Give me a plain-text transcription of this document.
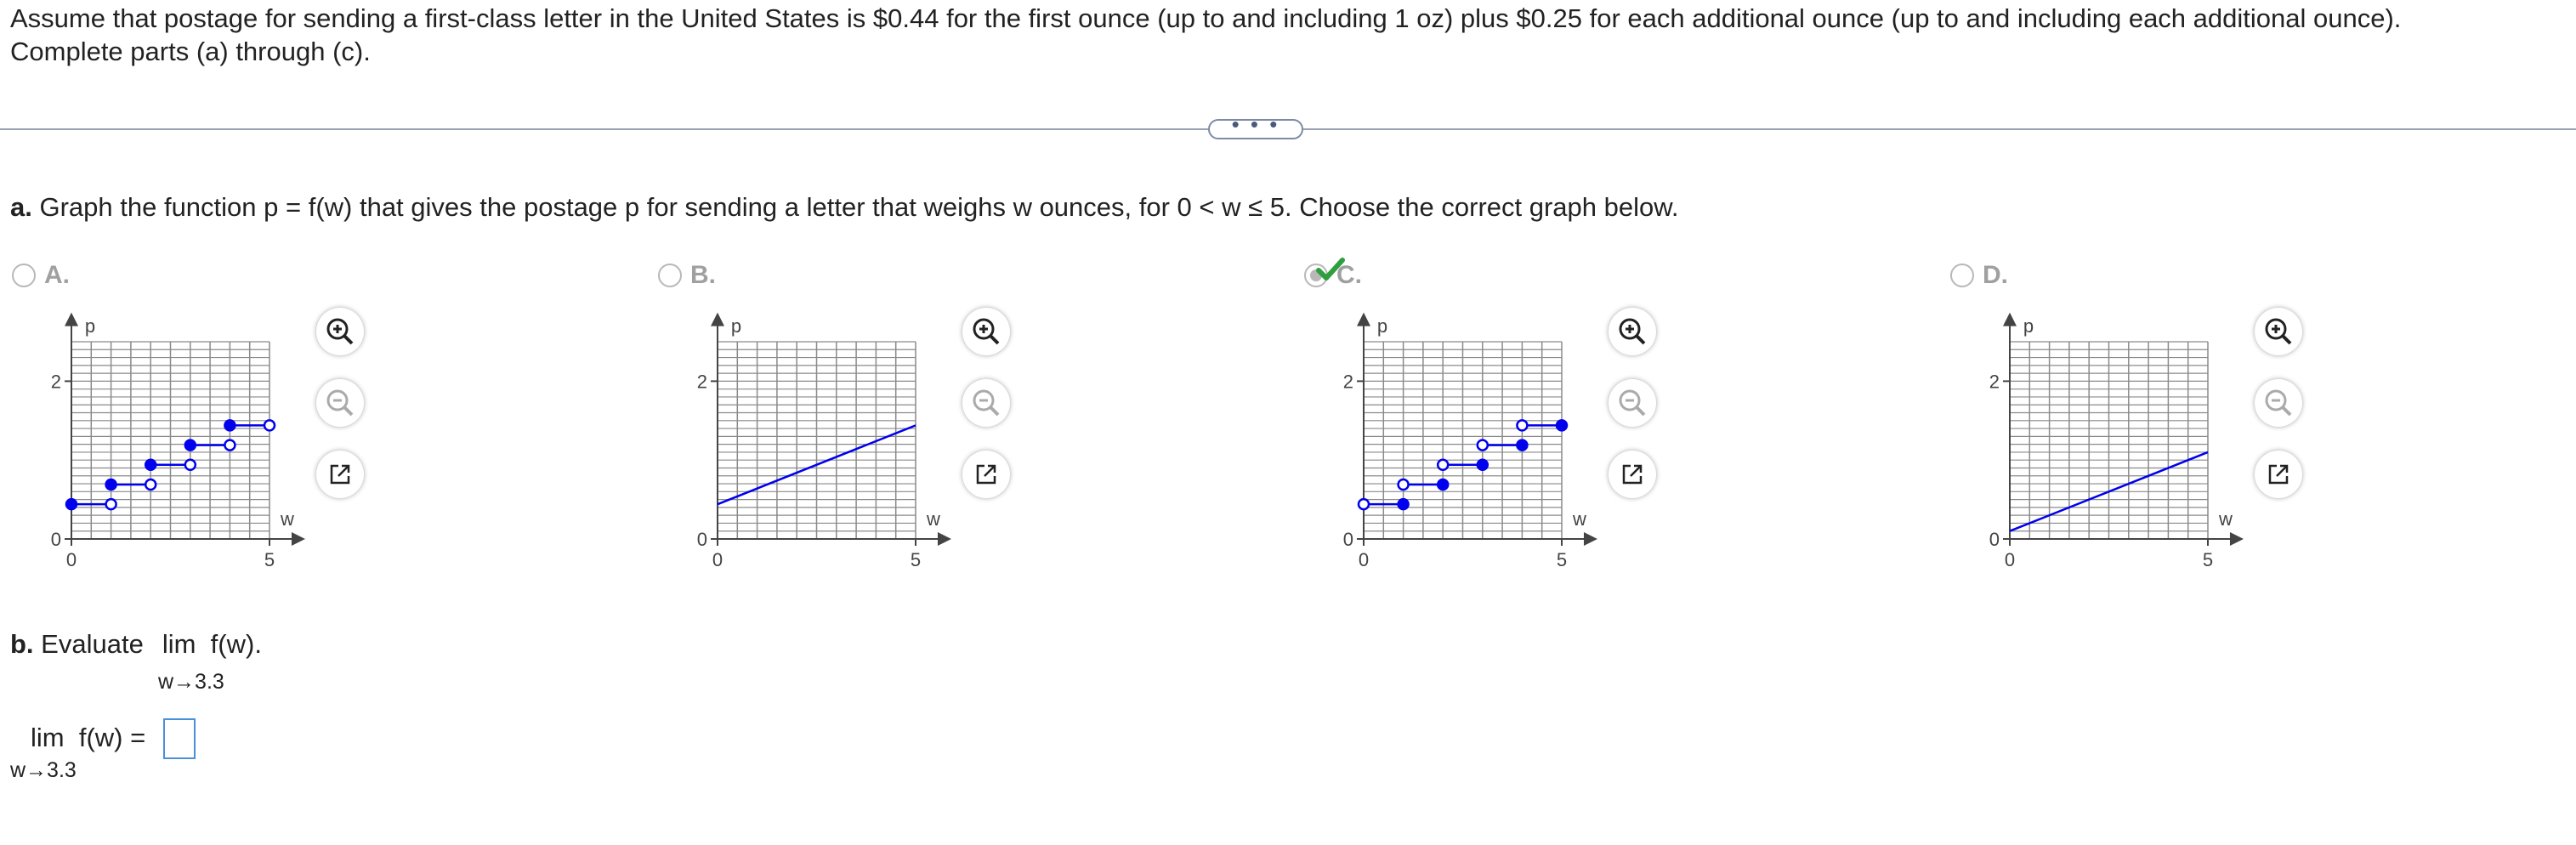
Assume that postage for sending a first-class letter in the United States is $0.44 for the first ounce (up to and including 1 oz) plus $0.25 for each additional ounce (up to and including each additional ounce).
Complete parts (a) through (c).
• • •
a. Graph the function p = f(w) that gives the postage p for sending a letter that weighs w ounces, for 0 < w ≤ 5. Choose the correct graph below.
A.	B.	C.	D.
2
0
0	5
w
p
2
0
0	5
w
p
2
0
0	5
w
p
2
0
0	5
w
p
b. Evaluate lim f(w).
w→3.3
lim f(w) =
w→3.3
